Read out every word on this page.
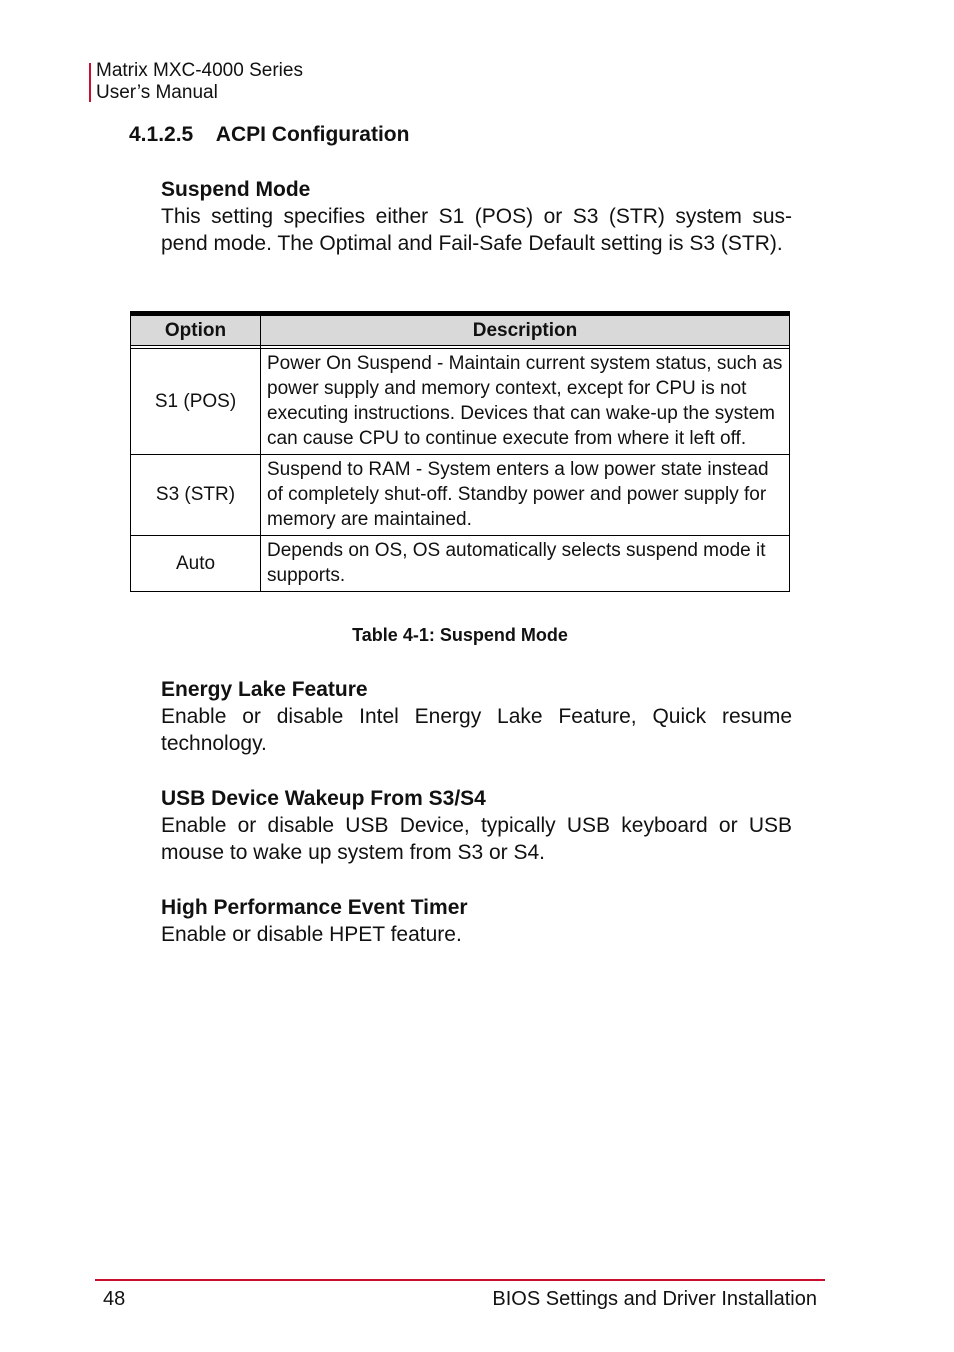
Matrix MXC-4000 Series
User’s Manual
4.1.2.5 ACPI Configuration
Suspend Mode

This setting specifies either S1 (POS) or S3 (STR) system sus- pend mode. The Optimal and Fail-Safe Default setting is S3 (STR).

Option	Description

S1 (POS)	Power On Suspend - Maintain current system status, such as power supply and memory context, except for CPU is not executing instructions. Devices that can wake-up the system can cause CPU to continue execute from where it left off.
S3 (STR)	Suspend to RAM - System enters a low power state instead of completely shut-off. Standby power and power supply for memory are maintained.
Auto	Depends on OS, OS automatically selects suspend mode it supports.
Table 4-1: Suspend Mode
Energy Lake Feature

Enable or disable Intel Energy Lake Feature, Quick resume technology.

USB Device Wakeup From S3/S4

Enable or disable USB Device, typically USB keyboard or USB mouse to wake up system from S3 or S4.

High Performance Event Timer

Enable or disable HPET feature.

48	BIOS Settings and Driver Installation
